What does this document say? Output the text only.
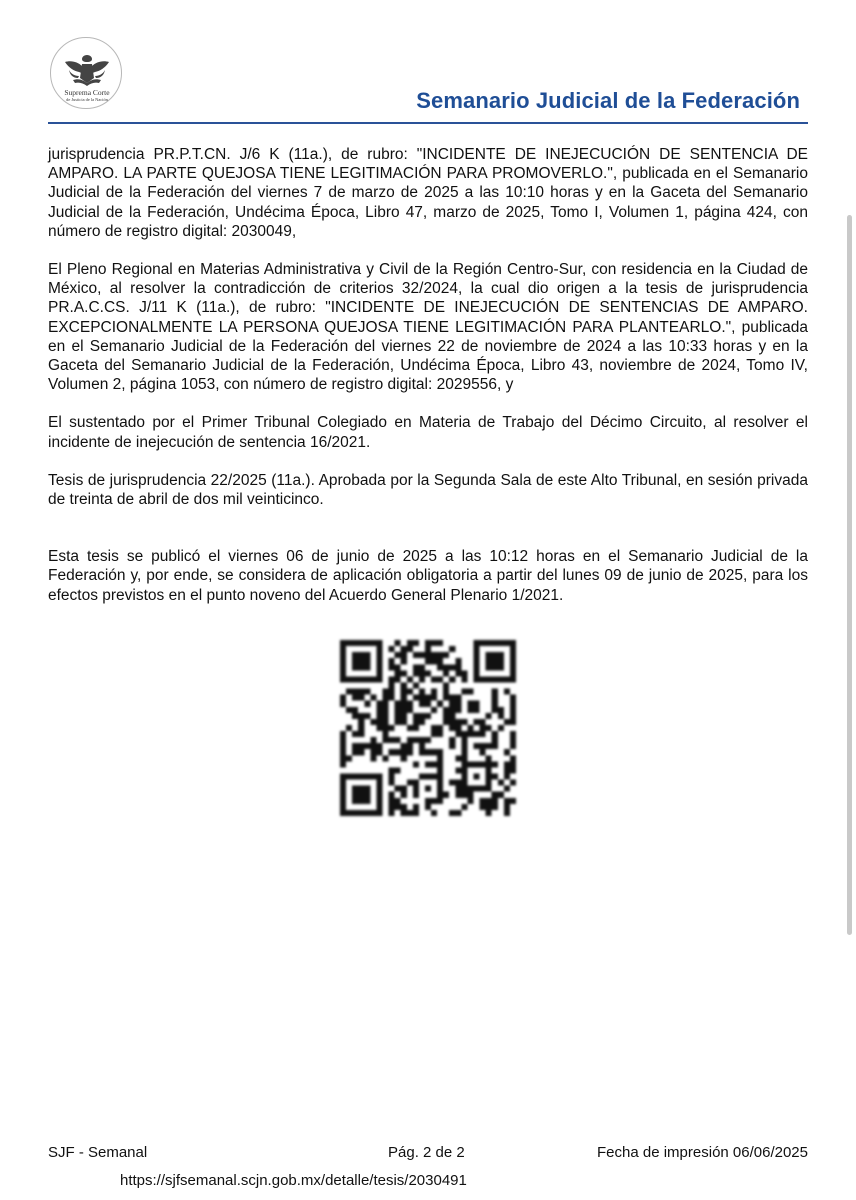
Suprema Corte
de Justicia de la Nación	Semanario Judicial de la Federación

jurisprudencia PR.P.T.CN. J/6 K (11a.), de rubro: "INCIDENTE DE INEJECUCIÓN DE SENTENCIA DE AMPARO. LA PARTE QUEJOSA TIENE LEGITIMACIÓN PARA PROMOVERLO.", publicada en el Semanario Judicial de la Federación del viernes 7 de marzo de 2025 a las 10:10 horas y en la Gaceta del Semanario Judicial de la Federación, Undécima Época, Libro 47, marzo de 2025, Tomo I, Volumen 1, página 424, con número de registro digital: 2030049,

El Pleno Regional en Materias Administrativa y Civil de la Región Centro-Sur, con residencia en la Ciudad de México, al resolver la contradicción de criterios 32/2024, la cual dio origen a la tesis de jurisprudencia PR.A.C.CS. J/11 K (11a.), de rubro: "INCIDENTE DE INEJECUCIÓN DE SENTENCIAS DE AMPARO. EXCEPCIONALMENTE LA PERSONA QUEJOSA TIENE LEGITIMACIÓN PARA PLANTEARLO.", publicada en el Semanario Judicial de la Federación del viernes 22 de noviembre de 2024 a las 10:33 horas y en la Gaceta del Semanario Judicial de la Federación, Undécima Época, Libro 43, noviembre de 2024, Tomo IV, Volumen 2, página 1053, con número de registro digital: 2029556, y

El sustentado por el Primer Tribunal Colegiado en Materia de Trabajo del Décimo Circuito, al resolver el incidente de inejecución de sentencia 16/2021.

Tesis de jurisprudencia 22/2025 (11a.). Aprobada por la Segunda Sala de este Alto Tribunal, en sesión privada de treinta de abril de dos mil veinticinco.

Esta tesis se publicó el viernes 06 de junio de 2025 a las 10:12 horas en el Semanario Judicial de la Federación y, por ende, se considera de aplicación obligatoria a partir del lunes 09 de junio de 2025, para los efectos previstos en el punto noveno del Acuerdo General Plenario 1/2021.

SJF - Semanal	Pág. 2 de 2	Fecha de impresión 06/06/2025
https://sjfsemanal.scjn.gob.mx/detalle/tesis/2030491
